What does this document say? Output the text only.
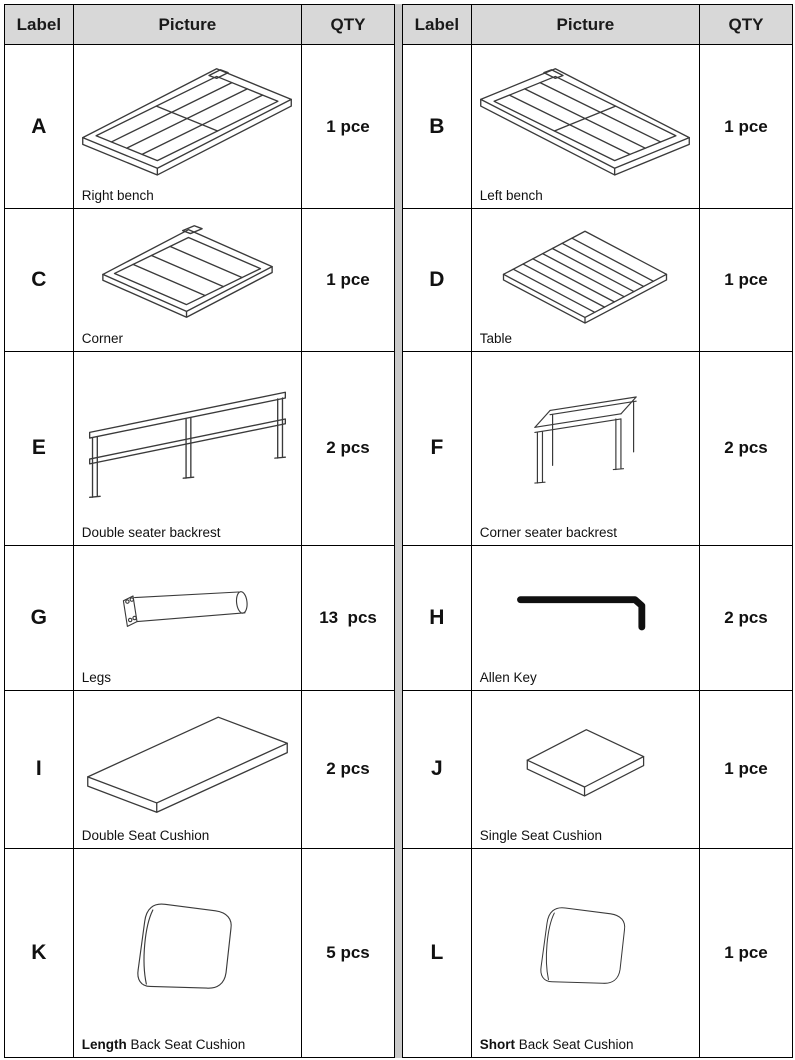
Label	Picture	QTY
A	Right bench	1 pce
C	Corner	1 pce
E	Double seater backrest	2 pcs
G	Legs	13  pcs
I	Double Seat Cushion	2 pcs
K	Length Back Seat Cushion	5 pcs
Label	Picture	QTY
B	Left bench	1 pce
D	Table	1 pce
F	Corner seater backrest	2 pcs
H	Allen Key	2 pcs
J	Single Seat Cushion	1 pce
L	Short Back Seat Cushion	1 pce
